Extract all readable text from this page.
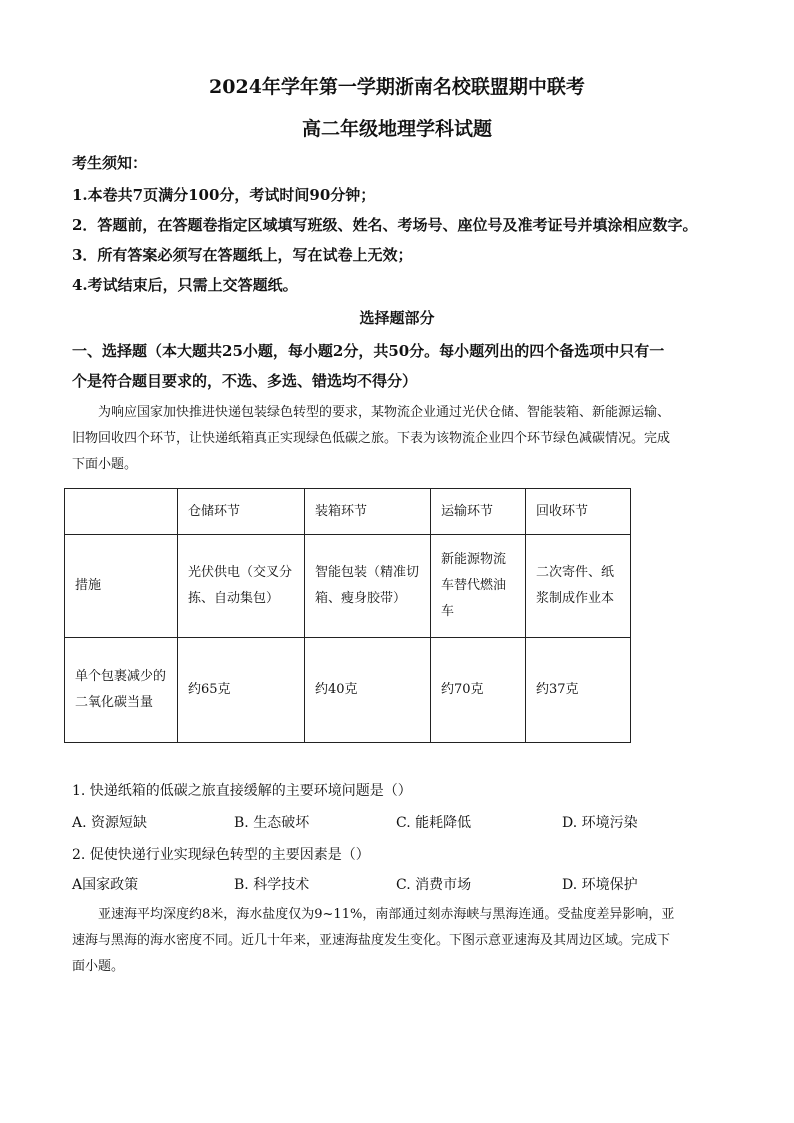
2024年学年第一学期浙南名校联盟期中联考
高二年级地理学科试题
考生须知：
1.本卷共7页满分100分，考试时间90分钟；
2．答题前，在答题卷指定区域填写班级、姓名、考场号、座位号及准考证号并填涂相应数字。
3．所有答案必须写在答题纸上，写在试卷上无效；
4.考试结束后，只需上交答题纸。
选择题部分
一、选择题（本大题共25小题，每小题2分，共50分。每小题列出的四个备选项中只有一
个是符合题目要求的，不选、多选、错选均不得分）
为响应国家加快推进快递包装绿色转型的要求，某物流企业通过光伏仓储、智能装箱、新能源运输、
旧物回收四个环节，让快递纸箱真正实现绿色低碳之旅。下表为该物流企业四个环节绿色减碳情况。完成
下面小题。
	仓储环节	装箱环节	运输环节	回收环节
措施	光伏供电（交叉分拣、自动集包）	智能包装（精准切箱、瘦身胶带）	新能源物流车替代燃油车	二次寄件、纸浆制成作业本
单个包裹减少的二氧化碳当量	约65克	约40克	约70克	约37克
1. 快递纸箱的低碳之旅直接缓解的主要环境问题是（）
A. 资源短缺	B. 生态破坏	C. 能耗降低	D. 环境污染
2. 促使快递行业实现绿色转型的主要因素是（）
A国家政策	B. 科学技术	C. 消费市场	D. 环境保护
亚速海平均深度约8米，海水盐度仅为9~11%，南部通过刻赤海峡与黑海连通。受盐度差异影响，亚
速海与黑海的海水密度不同。近几十年来，亚速海盐度发生变化。下图示意亚速海及其周边区域。完成下
面小题。
